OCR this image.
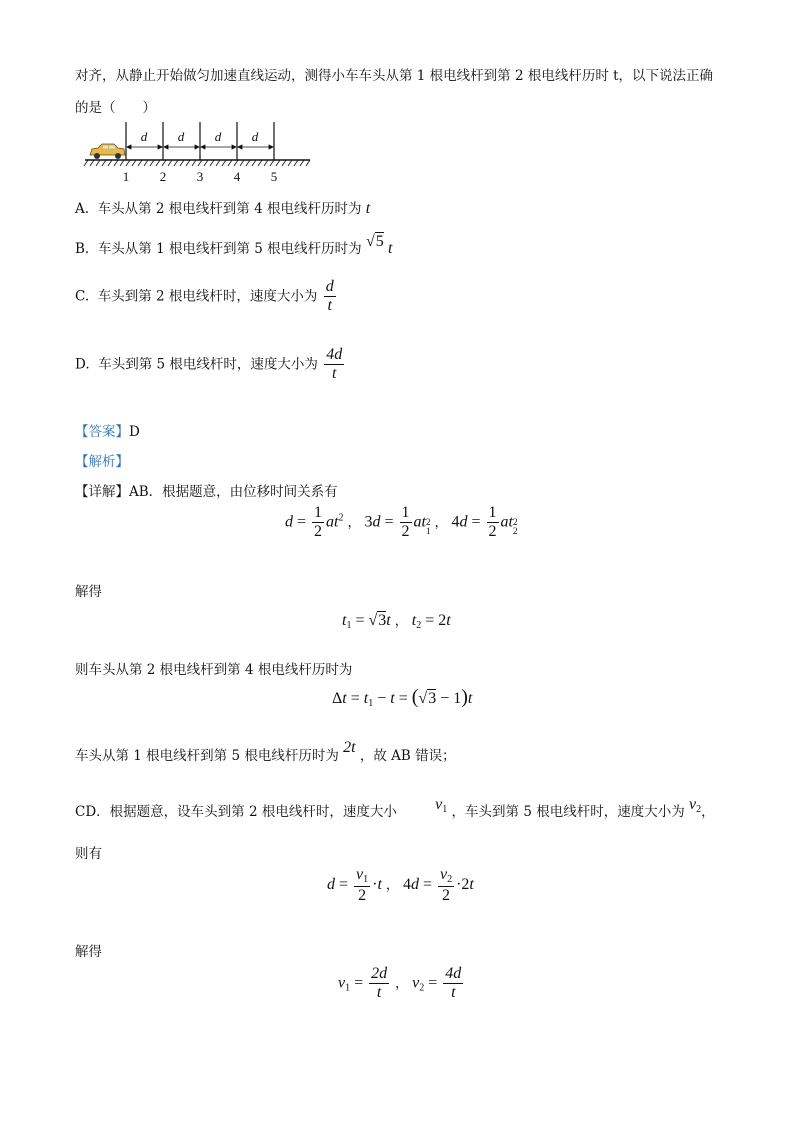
对齐，从静止开始做匀加速直线运动，测得小车车头从第 1 根电线杆到第 2 根电线杆历时 t，以下说法正确
的是（　　）
d d d d
1 2 3 4 5
A. 车头从第 2 根电线杆到第 4 根电线杆历时为 t
B. 车头从第 1 根电线杆到第 5 根电线杆历时为 √5 t
C. 车头到第 2 根电线杆时，速度大小为 $\frac{d}{t}$
D. 车头到第 5 根电线杆时，速度大小为 $\frac{4d}{t}$
【答案】D
【解析】
【详解】AB．根据题意，由位移时间关系有
$d = \frac{1}{2} at^2$ ， $3d = \frac{1}{2}$ at 2
1
， $4d = \frac{1}{2}$ at 2
2
解得
$t_1 = √3t$ ， $t_2 = 2t$
则车头从第 2 根电线杆到第 4 根电线杆历时为
$\Delta t = t_1 - t = (√3 - 1)t$
车头从第 1 根电线杆到第 5 根电线杆历时为 2t ，故 AB 错误；
CD．根据题意，设车头到第 2 根电线杆时，速度大小 $v_1$ ，车头到第 5 根电线杆时，速度大小为 $v_2$，
则有
$d = \frac{v_1}{2} \cdot t$ ， $4d = \frac{v_2}{2} \cdot 2t$
解得
$v_1 = \frac{2d}{t}$ ， $v_2 = \frac{4d}{t}$
